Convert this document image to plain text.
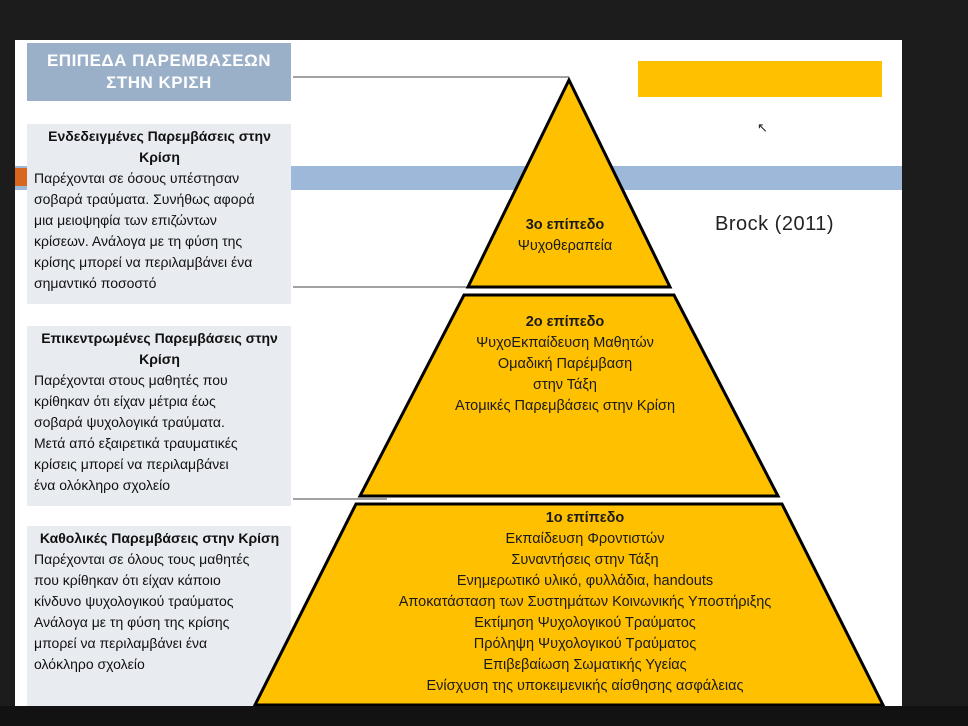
↖
Brock (2011)
ΕΠΙΠΕΔΑ ΠΑΡΕΜΒΑΣΕΩΝ
ΣΤΗΝ ΚΡΙΣΗ
Ενδεδειγμένες Παρεμβάσεις στην Κρίση
Παρέχονται σε όσους υπέστησαν
σοβαρά τραύματα. Συνήθως αφορά
μια μειοψηφία των επιζώντων
κρίσεων. Ανάλογα με τη φύση της
κρίσης μπορεί να περιλαμβάνει ένα
σημαντικό ποσοστό
Επικεντρωμένες Παρεμβάσεις στην Κρίση
Παρέχονται στους μαθητές που
κρίθηκαν ότι είχαν μέτρια έως
σοβαρά ψυχολογικά τραύματα.
Μετά από εξαιρετικά τραυματικές
κρίσεις μπορεί να περιλαμβάνει
ένα ολόκληρο σχολείο
Καθολικές Παρεμβάσεις στην Κρίση
Παρέχονται σε όλους τους μαθητές
που κρίθηκαν ότι είχαν κάποιο
κίνδυνο ψυχολογικού τραύματος
Ανάλογα με τη φύση της κρίσης
μπορεί να περιλαμβάνει ένα
ολόκληρο σχολείο
3ο επίπεδο
Ψυχοθεραπεία
2ο επίπεδο
ΨυχοΕκπαίδευση Μαθητών
Ομαδική Παρέμβαση
στην Τάξη
Ατομικές Παρεμβάσεις στην Κρίση
1ο επίπεδο
Εκπαίδευση Φροντιστών
Συναντήσεις στην Τάξη
Ενημερωτικό υλικό, φυλλάδια, handouts
Αποκατάσταση των Συστημάτων Κοινωνικής Υποστήριξης
Εκτίμηση Ψυχολογικού Τραύματος
Πρόληψη Ψυχολογικού Τραύματος
Επιβεβαίωση Σωματικής Υγείας
Ενίσχυση της υποκειμενικής αίσθησης ασφάλειας
